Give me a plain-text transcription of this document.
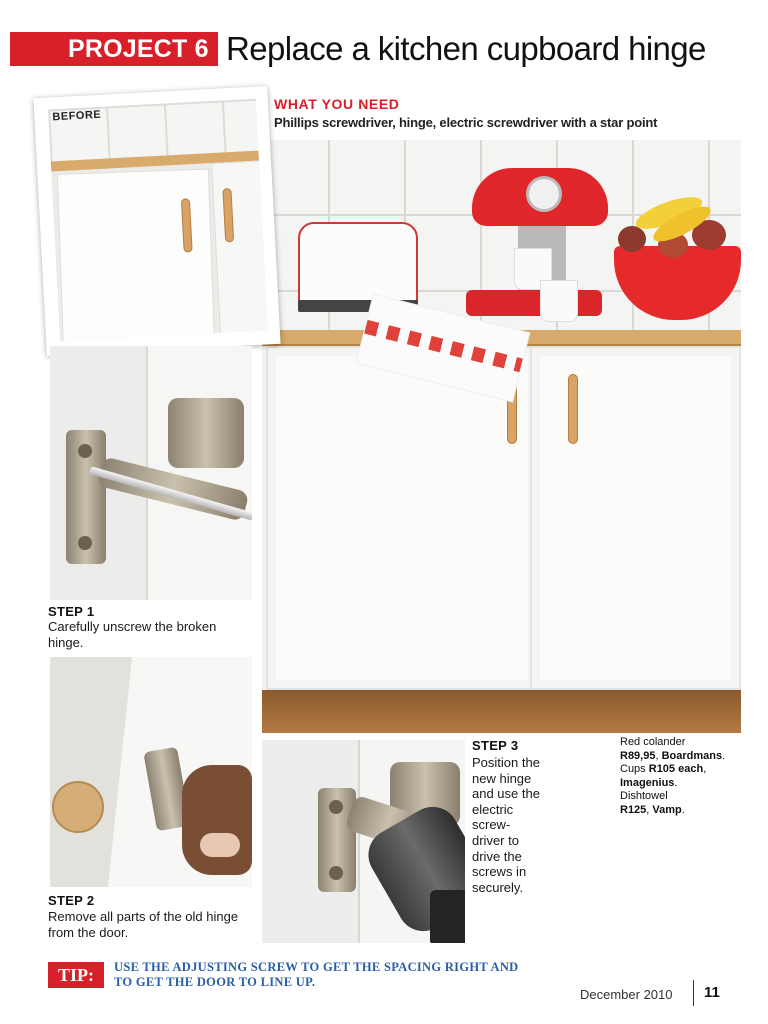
PROJECT 6 Replace a kitchen cupboard hinge
WHAT YOU NEED
Phillips screwdriver, hinge, electric screwdriver with a star point
BEFORE
STEP 1
Carefully unscrew the broken hinge.
STEP 2
Remove all parts of the old hinge from the door.
STEP 3
Position the new hinge and use the electric screw-driver to drive the screws in securely.
Red colander
R89,95, Boardmans.
Cups R105 each,
Imagenius.
Dishtowel
R125, Vamp.
TIP:	USE THE ADJUSTING SCREW TO GET THE SPACING RIGHT AND TO GET THE DOOR TO LINE UP.
December 2010 11
